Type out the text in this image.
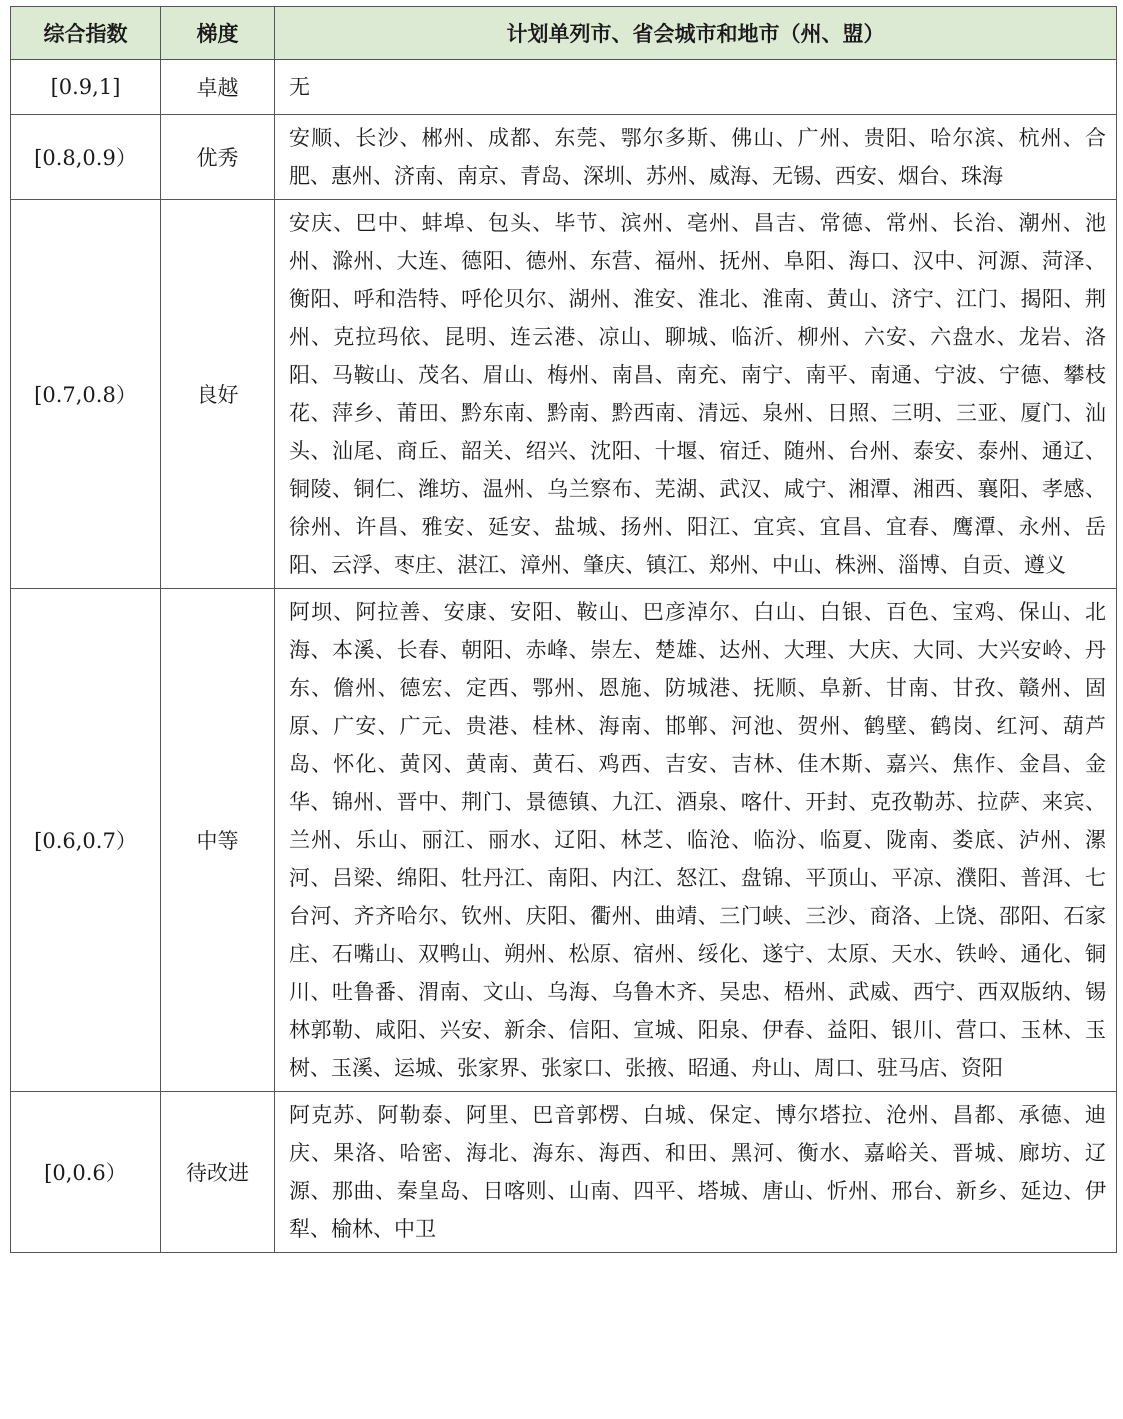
综合指数	梯度	计划单列市、省会城市和地市（州、盟）
[0.9,1]	卓越	无
[0.8,0.9）	优秀	安顺、长沙、郴州、成都、东莞、鄂尔多斯、佛山、广州、贵阳、哈尔滨、杭州、合肥、惠州、济南、南京、青岛、深圳、苏州、威海、无锡、西安、烟台、珠海
[0.7,0.8）	良好	安庆、巴中、蚌埠、包头、毕节、滨州、亳州、昌吉、常德、常州、长治、潮州、池州、滁州、大连、德阳、德州、东营、福州、抚州、阜阳、海口、汉中、河源、菏泽、衡阳、呼和浩特、呼伦贝尔、湖州、淮安、淮北、淮南、黄山、济宁、江门、揭阳、荆州、克拉玛依、昆明、连云港、凉山、聊城、临沂、柳州、六安、六盘水、龙岩、洛阳、马鞍山、茂名、眉山、梅州、南昌、南充、南宁、南平、南通、宁波、宁德、攀枝花、萍乡、莆田、黔东南、黔南、黔西南、清远、泉州、日照、三明、三亚、厦门、汕头、汕尾、商丘、韶关、绍兴、沈阳、十堰、宿迁、随州、台州、泰安、泰州、通辽、铜陵、铜仁、潍坊、温州、乌兰察布、芜湖、武汉、咸宁、湘潭、湘西、襄阳、孝感、徐州、许昌、雅安、延安、盐城、扬州、阳江、宜宾、宜昌、宜春、鹰潭、永州、岳阳、云浮、枣庄、湛江、漳州、肇庆、镇江、郑州、中山、株洲、淄博、自贡、遵义
[0.6,0.7）	中等	阿坝、阿拉善、安康、安阳、鞍山、巴彦淖尔、白山、白银、百色、宝鸡、保山、北海、本溪、长春、朝阳、赤峰、崇左、楚雄、达州、大理、大庆、大同、大兴安岭、丹东、儋州、德宏、定西、鄂州、恩施、防城港、抚顺、阜新、甘南、甘孜、赣州、固原、广安、广元、贵港、桂林、海南、邯郸、河池、贺州、鹤壁、鹤岗、红河、葫芦岛、怀化、黄冈、黄南、黄石、鸡西、吉安、吉林、佳木斯、嘉兴、焦作、金昌、金华、锦州、晋中、荆门、景德镇、九江、酒泉、喀什、开封、克孜勒苏、拉萨、来宾、兰州、乐山、丽江、丽水、辽阳、林芝、临沧、临汾、临夏、陇南、娄底、泸州、漯河、吕梁、绵阳、牡丹江、南阳、内江、怒江、盘锦、平顶山、平凉、濮阳、普洱、七台河、齐齐哈尔、钦州、庆阳、衢州、曲靖、三门峡、三沙、商洛、上饶、邵阳、石家庄、石嘴山、双鸭山、朔州、松原、宿州、绥化、遂宁、太原、天水、铁岭、通化、铜川、吐鲁番、渭南、文山、乌海、乌鲁木齐、吴忠、梧州、武威、西宁、西双版纳、锡林郭勒、咸阳、兴安、新余、信阳、宣城、阳泉、伊春、益阳、银川、营口、玉林、玉树、玉溪、运城、张家界、张家口、张掖、昭通、舟山、周口、驻马店、资阳
[0,0.6）	待改进	阿克苏、阿勒泰、阿里、巴音郭楞、白城、保定、博尔塔拉、沧州、昌都、承德、迪庆、果洛、哈密、海北、海东、海西、和田、黑河、衡水、嘉峪关、晋城、廊坊、辽源、那曲、秦皇岛、日喀则、山南、四平、塔城、唐山、忻州、邢台、新乡、延边、伊犁、榆林、中卫
